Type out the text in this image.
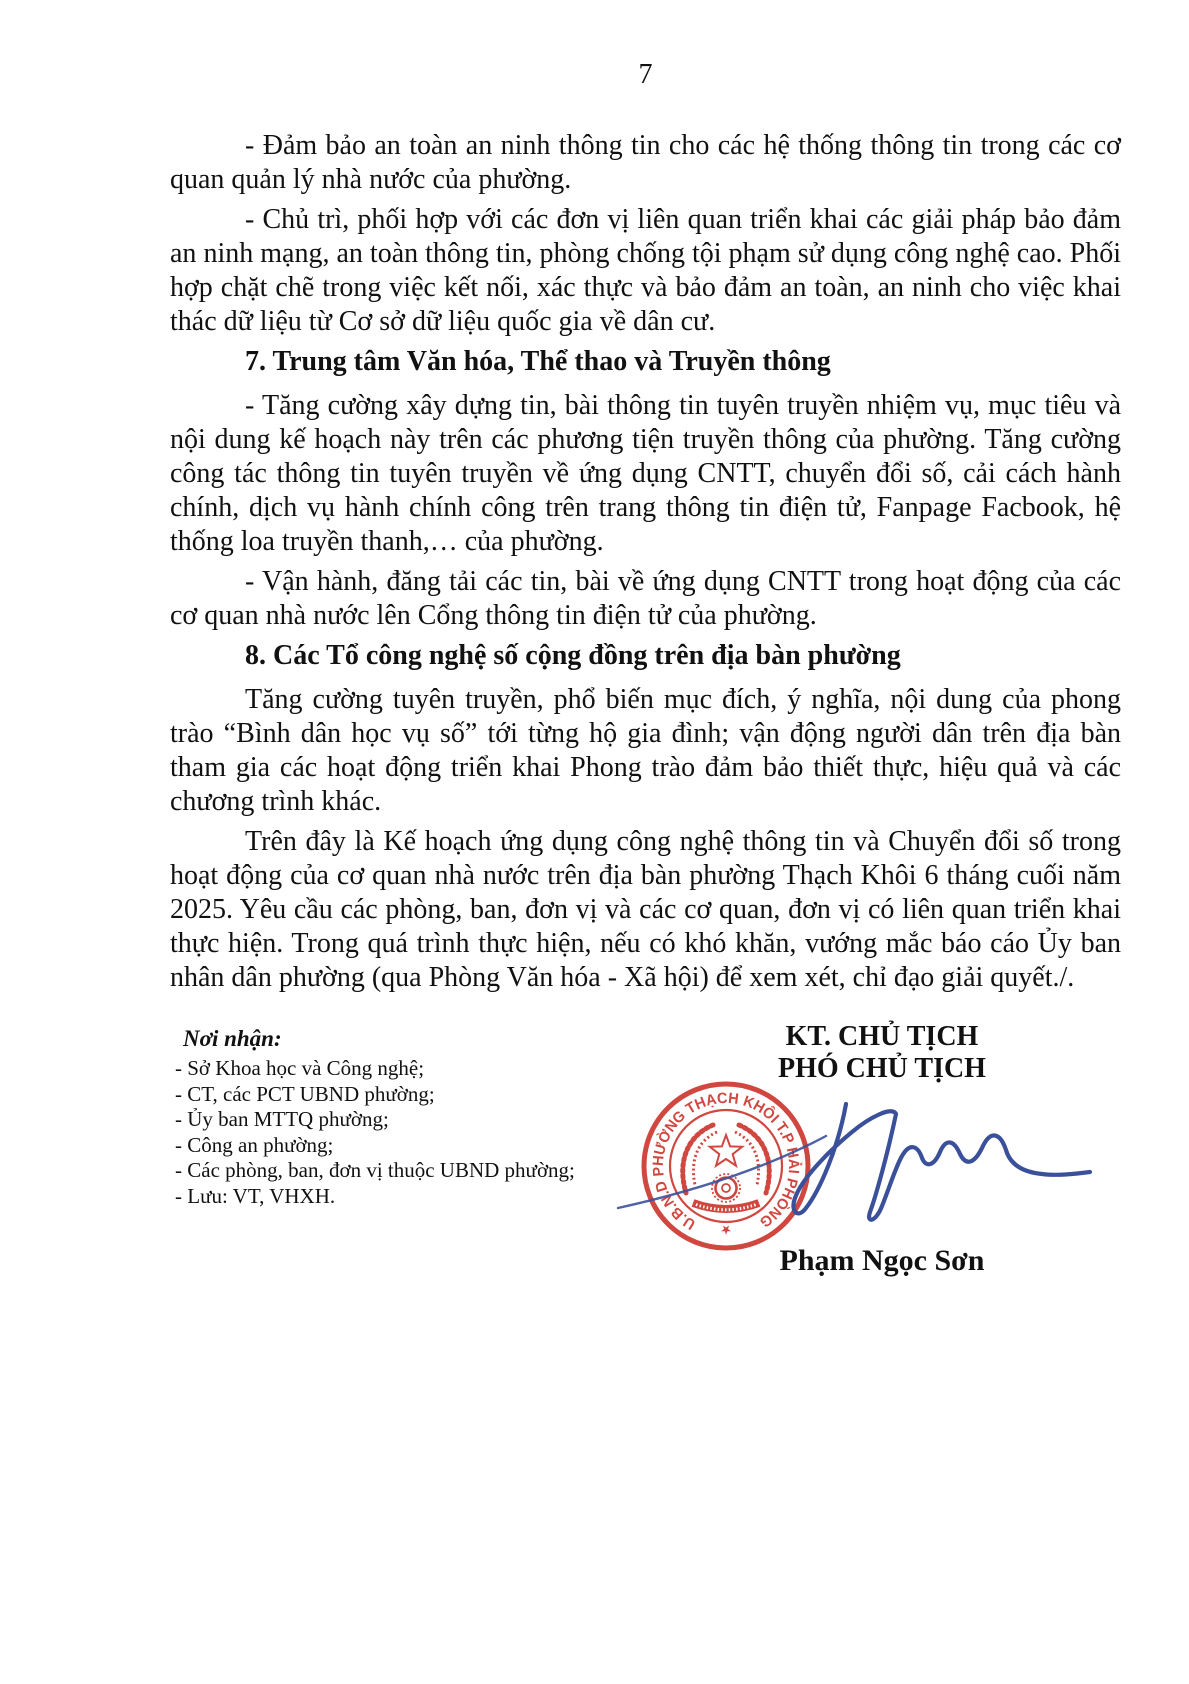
7

- Đảm bảo an toàn an ninh thông tin cho các hệ thống thông tin trong các cơ quan quản lý nhà nước của phường.

- Chủ trì, phối hợp với các đơn vị liên quan triển khai các giải pháp bảo đảm an ninh mạng, an toàn thông tin, phòng chống tội phạm sử dụng công nghệ cao. Phối hợp chặt chẽ trong việc kết nối, xác thực và bảo đảm an toàn, an ninh cho việc khai thác dữ liệu từ Cơ sở dữ liệu quốc gia về dân cư.

7. Trung tâm Văn hóa, Thể thao và Truyền thông

- Tăng cường xây dựng tin, bài thông tin tuyên truyền nhiệm vụ, mục tiêu và nội dung kế hoạch này trên các phương tiện truyền thông của phường. Tăng cường công tác thông tin tuyên truyền về ứng dụng CNTT, chuyển đổi số, cải cách hành chính, dịch vụ hành chính công trên trang thông tin điện tử, Fanpage Facbook, hệ thống loa truyền thanh,… của phường.

- Vận hành, đăng tải các tin, bài về ứng dụng CNTT trong hoạt động của các cơ quan nhà nước lên Cổng thông tin điện tử của phường.

8. Các Tổ công nghệ số cộng đồng trên địa bàn phường

Tăng cường tuyên truyền, phổ biến mục đích, ý nghĩa, nội dung của phong trào “Bình dân học vụ số” tới từng hộ gia đình; vận động người dân trên địa bàn tham gia các hoạt động triển khai Phong trào đảm bảo thiết thực, hiệu quả và các chương trình khác.

Trên đây là Kế hoạch ứng dụng công nghệ thông tin và Chuyển đổi số trong hoạt động của cơ quan nhà nước trên địa bàn phường Thạch Khôi 6 tháng cuối năm 2025. Yêu cầu các phòng, ban, đơn vị và các cơ quan, đơn vị có liên quan triển khai thực hiện. Trong quá trình thực hiện, nếu có khó khăn, vướng mắc báo cáo Ủy ban nhân dân phường (qua Phòng Văn hóa - Xã hội) để xem xét, chỉ đạo giải quyết./.

Nơi nhận:
- Sở Khoa học và Công nghệ;
- CT, các PCT UBND phường;
- Ủy ban MTTQ phường;
- Công an phường;
- Các phòng, ban, đơn vị thuộc UBND phường;
- Lưu: VT, VHXH.
KT. CHỦ TỊCH
PHÓ CHỦ TỊCH
Phạm Ngọc Sơn
U.B.N.D PHƯỜNG THẠCH KHÔI T.P HẢI PHÒNG
★
